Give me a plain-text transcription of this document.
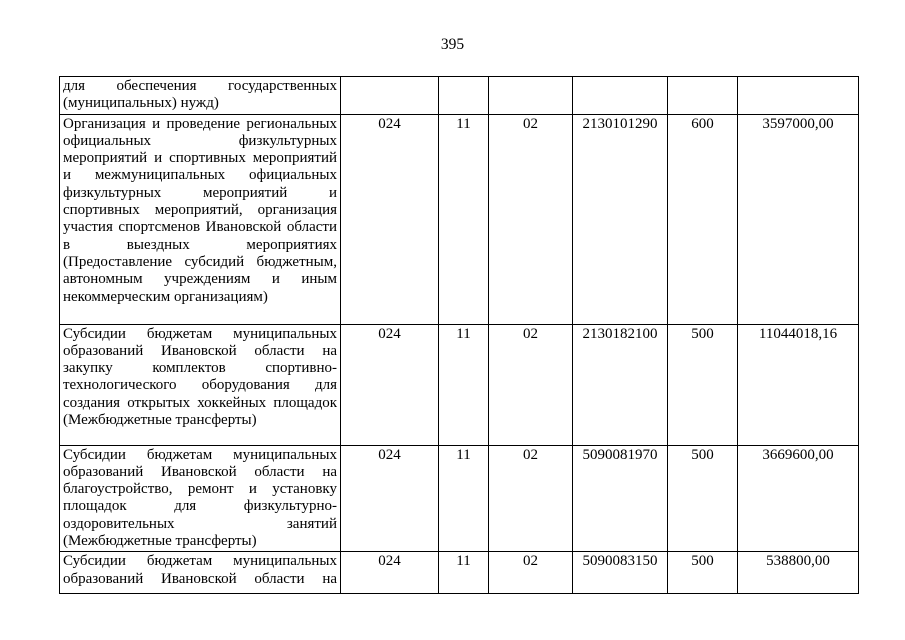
395
для обеспечения государственных (муниципальных) нужд)						
Организация и проведение региональных официальных физкультурных мероприятий и спортивных мероприятий и межмуниципальных официальных физкультурных мероприятий и спортивных мероприятий, организация участия спортсменов Ивановской области в выездных мероприятиях (Предоставление субсидий бюджетным, автономным учреждениям и иным некоммерческим организациям)	024	11	02	2130101290	600	3597000,00
Субсидии бюджетам муниципальных образований Ивановской области на закупку комплектов спортивно-технологического оборудования для создания открытых хоккейных площадок (Межбюджетные трансферты)	024	11	02	2130182100	500	11044018,16
Субсидии бюджетам муниципальных образований Ивановской области на благоустройство, ремонт и установку площадок для физкультурно-оздоровительных занятий (Межбюджетные трансферты)	024	11	02	5090081970	500	3669600,00
Субсидии бюджетам муниципальных образований Ивановской области на	024	11	02	5090083150	500	538800,00
